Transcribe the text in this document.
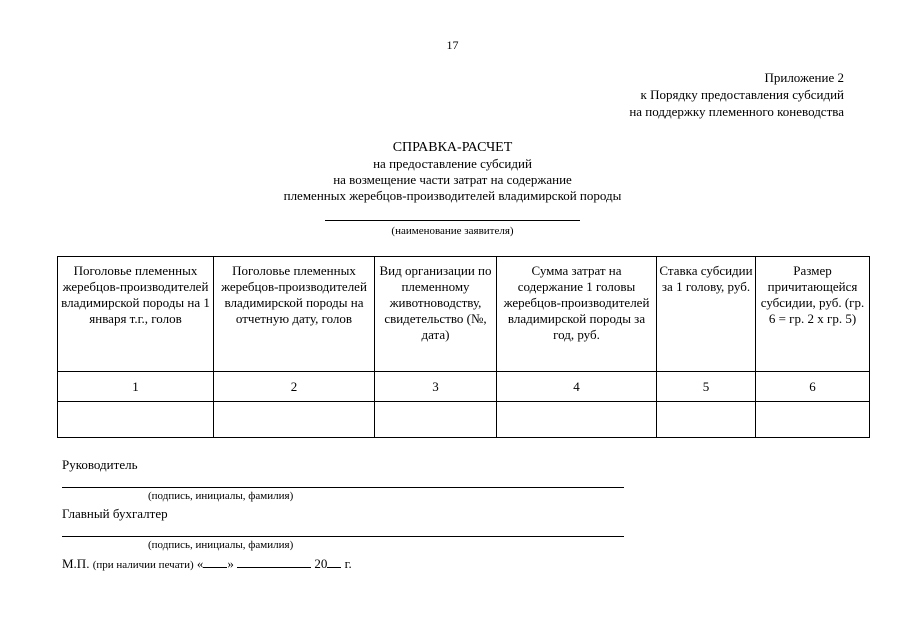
17
Приложение 2
к Порядку предоставления субсидий
на поддержку племенного коневодства
СПРАВКА-РАСЧЕТ
на предоставление субсидий
на возмещение части затрат на содержание
племенных жеребцов-производителей владимирской породы
(наименование заявителя)
Поголовье племенных жеребцов-производителей владимирской породы на 1 января т.г., голов	Поголовье племенных жеребцов-производителей владимирской породы на отчетную дату, голов	Вид организации по племенному животноводству, свидетельство (№, дата)	Сумма затрат на содержание 1 головы жеребцов-производителей владимирской породы за год, руб.	Ставка субсидии за 1 голову, руб.	Размер причитающейся субсидии, руб. (гр. 6 = гр. 2 x гр. 5)
1	2	3	4	5	6

Руководитель
(подпись, инициалы, фамилия)
Главный бухгалтер
(подпись, инициалы, фамилия)
М.П. (при наличии печати) « »	20 г.
